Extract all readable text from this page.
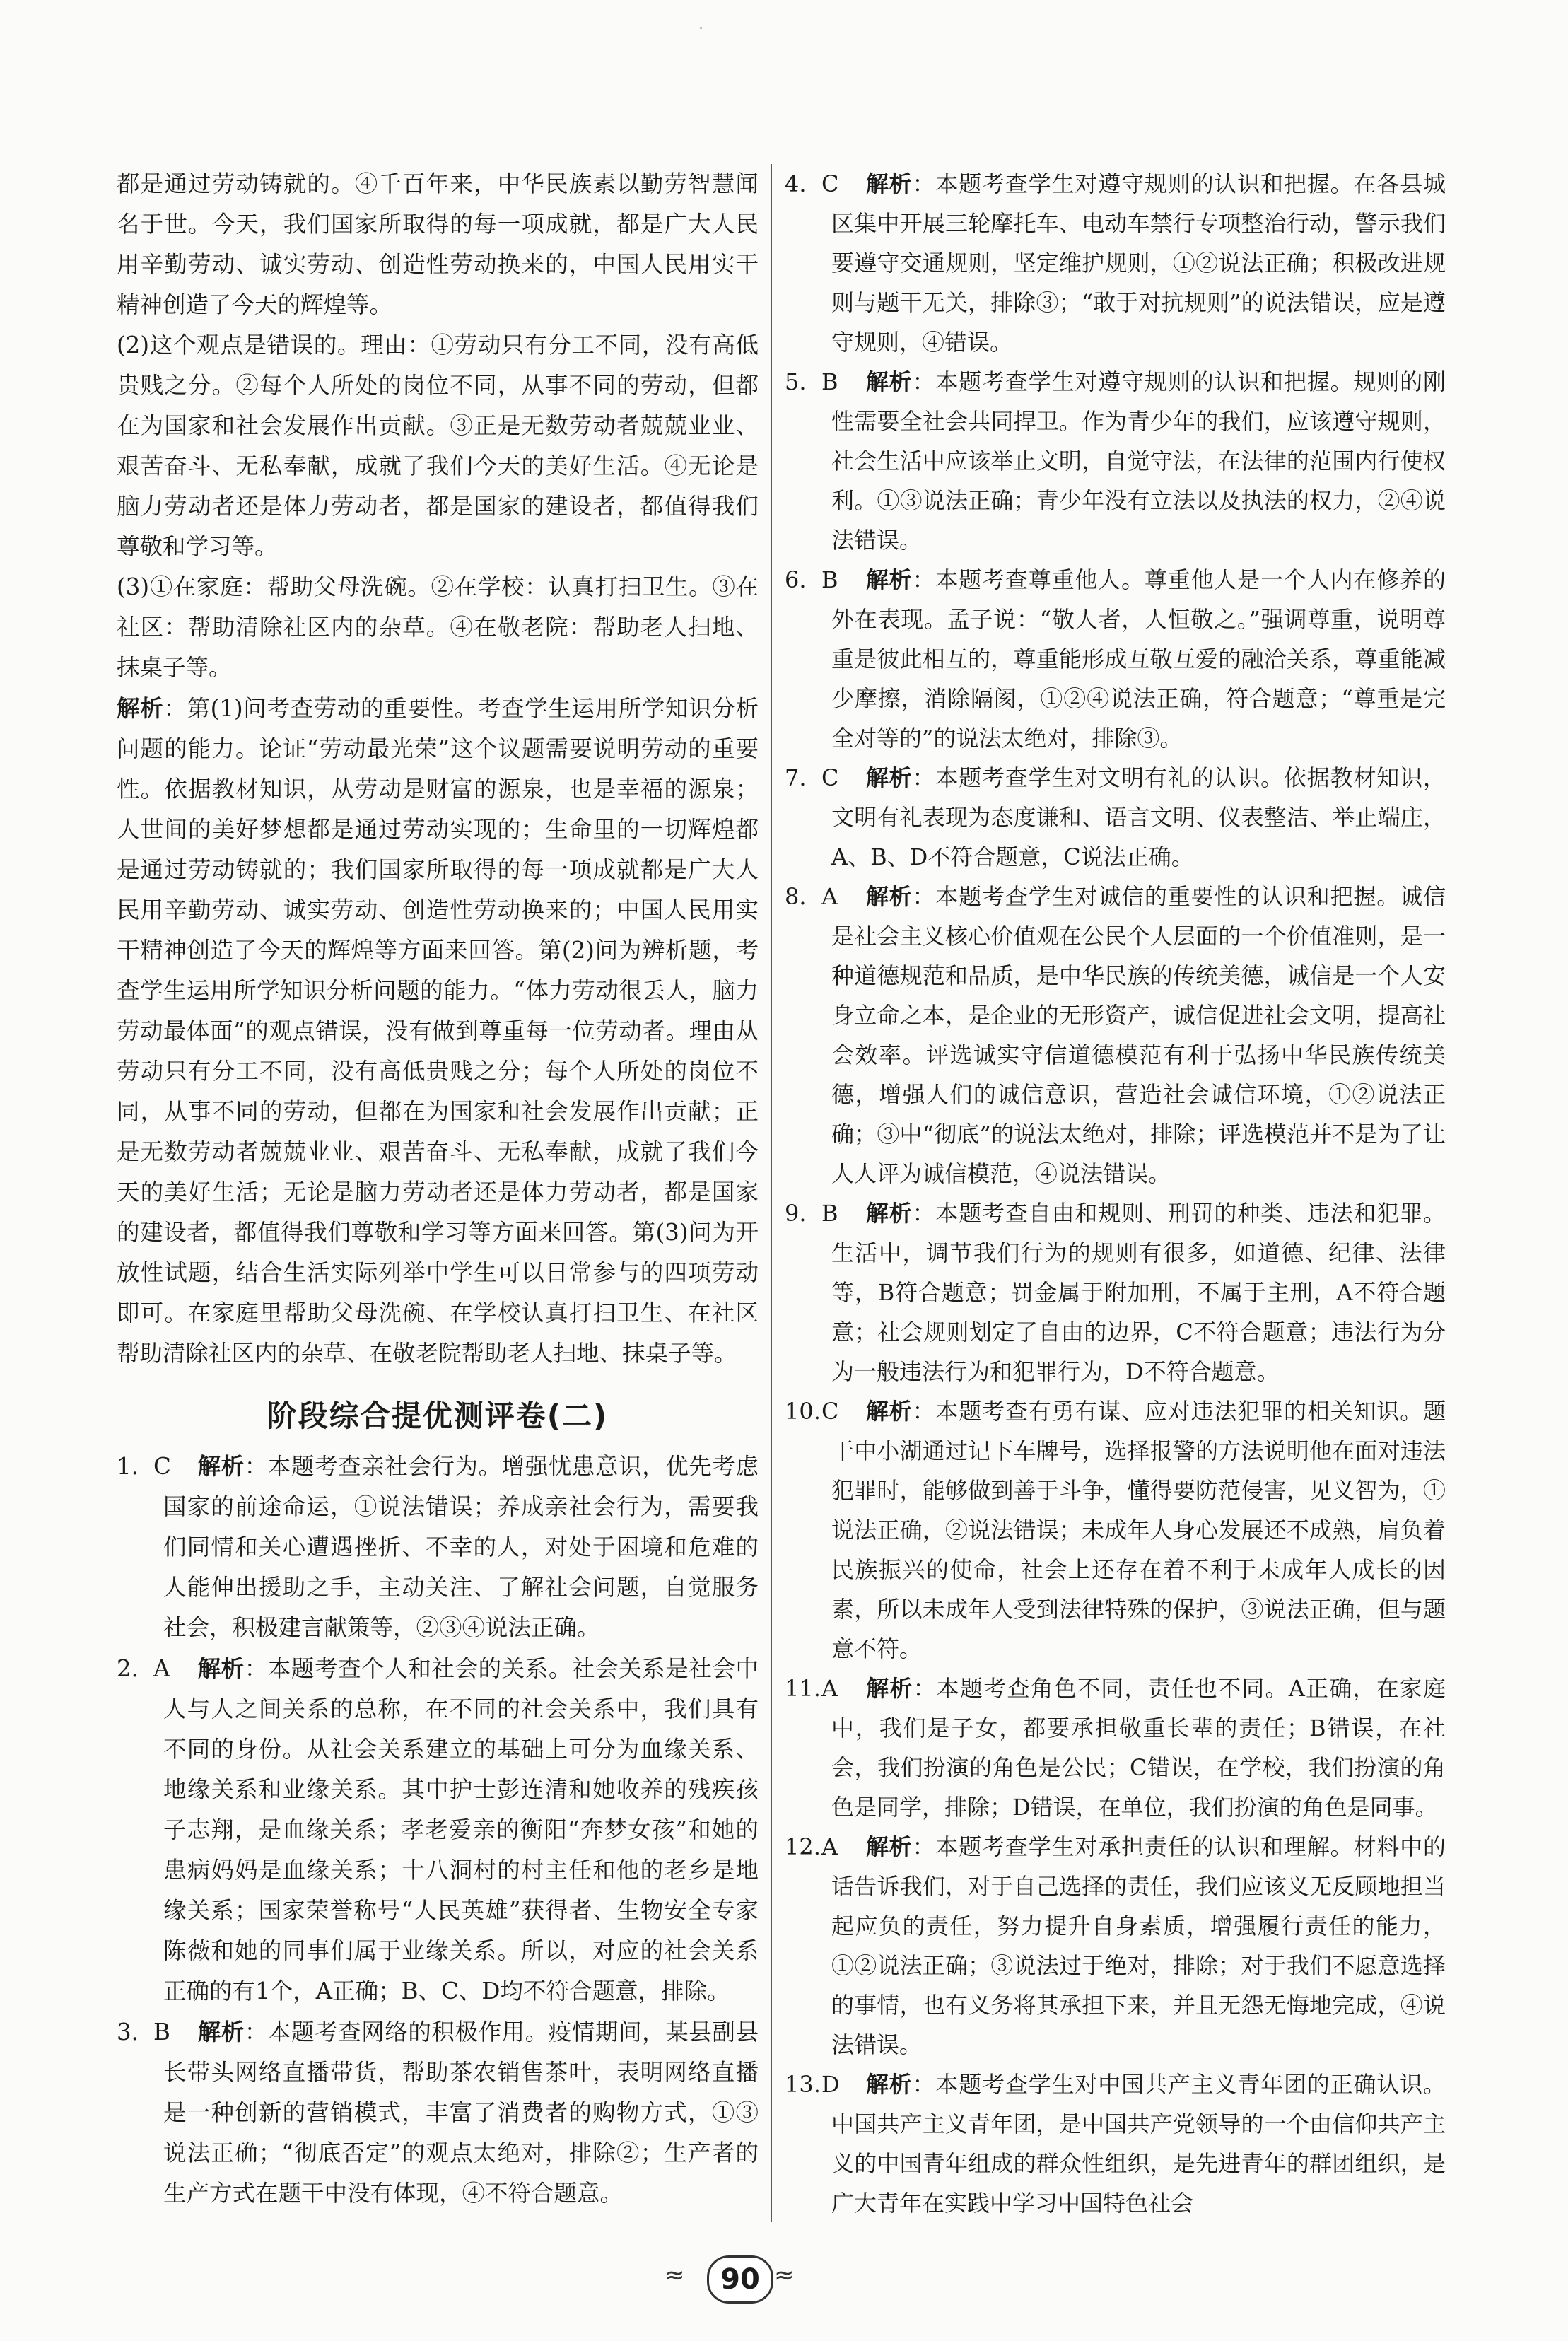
都是通过劳动铸就的。④千百年来，中华民族素以勤劳智慧闻名于世。今天，我们国家所取得的每一项成就，都是广大人民用辛勤劳动、诚实劳动、创造性劳动换来的，中国人民用实干精神创造了今天的辉煌等。

(2)这个观点是错误的。理由：①劳动只有分工不同，没有高低贵贱之分。②每个人所处的岗位不同，从事不同的劳动，但都在为国家和社会发展作出贡献。③正是无数劳动者兢兢业业、艰苦奋斗、无私奉献，成就了我们今天的美好生活。④无论是脑力劳动者还是体力劳动者，都是国家的建设者，都值得我们尊敬和学习等。

(3)①在家庭：帮助父母洗碗。②在学校：认真打扫卫生。③在社区：帮助清除社区内的杂草。④在敬老院：帮助老人扫地、抹桌子等。

解析：第(1)问考查劳动的重要性。考查学生运用所学知识分析问题的能力。论证“劳动最光荣”这个议题需要说明劳动的重要性。依据教材知识，从劳动是财富的源泉，也是幸福的源泉；人世间的美好梦想都是通过劳动实现的；生命里的一切辉煌都是通过劳动铸就的；我们国家所取得的每一项成就都是广大人民用辛勤劳动、诚实劳动、创造性劳动换来的；中国人民用实干精神创造了今天的辉煌等方面来回答。第(2)问为辨析题，考查学生运用所学知识分析问题的能力。“体力劳动很丢人，脑力劳动最体面”的观点错误，没有做到尊重每一位劳动者。理由从劳动只有分工不同，没有高低贵贱之分；每个人所处的岗位不同，从事不同的劳动，但都在为国家和社会发展作出贡献；正是无数劳动者兢兢业业、艰苦奋斗、无私奉献，成就了我们今天的美好生活；无论是脑力劳动者还是体力劳动者，都是国家的建设者，都值得我们尊敬和学习等方面来回答。第(3)问为开放性试题，结合生活实际列举中学生可以日常参与的四项劳动即可。在家庭里帮助父母洗碗、在学校认真打扫卫生、在社区帮助清除社区内的杂草、在敬老院帮助老人扫地、抹桌子等。

阶段综合提优测评卷(二)

1. C 解析：本题考查亲社会行为。增强忧患意识，优先考虑国家的前途命运，①说法错误；养成亲社会行为，需要我们同情和关心遭遇挫折、不幸的人，对处于困境和危难的人能伸出援助之手，主动关注、了解社会问题，自觉服务社会，积极建言献策等，②③④说法正确。

2. A 解析：本题考查个人和社会的关系。社会关系是社会中人与人之间关系的总称，在不同的社会关系中，我们具有不同的身份。从社会关系建立的基础上可分为血缘关系、地缘关系和业缘关系。其中护士彭连清和她收养的残疾孩子志翔，是血缘关系；孝老爱亲的衡阳“奔梦女孩”和她的患病妈妈是血缘关系；十八洞村的村主任和他的老乡是地缘关系；国家荣誉称号“人民英雄”获得者、生物安全专家陈薇和她的同事们属于业缘关系。所以，对应的社会关系正确的有1个，A正确；B、C、D均不符合题意，排除。

3. B 解析：本题考查网络的积极作用。疫情期间，某县副县长带头网络直播带货，帮助茶农销售茶叶，表明网络直播是一种创新的营销模式，丰富了消费者的购物方式，①③说法正确；“彻底否定”的观点太绝对，排除②；生产者的生产方式在题干中没有体现，④不符合题意。

4. C 解析：本题考查学生对遵守规则的认识和把握。在各县城区集中开展三轮摩托车、电动车禁行专项整治行动，警示我们要遵守交通规则，坚定维护规则，①②说法正确；积极改进规则与题干无关，排除③；“敢于对抗规则”的说法错误，应是遵守规则，④错误。

5. B 解析：本题考查学生对遵守规则的认识和把握。规则的刚性需要全社会共同捍卫。作为青少年的我们，应该遵守规则，社会生活中应该举止文明，自觉守法，在法律的范围内行使权利。①③说法正确；青少年没有立法以及执法的权力，②④说法错误。

6. B 解析：本题考查尊重他人。尊重他人是一个人内在修养的外在表现。孟子说：“敬人者，人恒敬之。”强调尊重，说明尊重是彼此相互的，尊重能形成互敬互爱的融洽关系，尊重能减少摩擦，消除隔阂，①②④说法正确，符合题意；“尊重是完全对等的”的说法太绝对，排除③。

7. C 解析：本题考查学生对文明有礼的认识。依据教材知识，文明有礼表现为态度谦和、语言文明、仪表整洁、举止端庄，A、B、D不符合题意，C说法正确。

8. A 解析：本题考查学生对诚信的重要性的认识和把握。诚信是社会主义核心价值观在公民个人层面的一个价值准则，是一种道德规范和品质，是中华民族的传统美德，诚信是一个人安身立命之本，是企业的无形资产，诚信促进社会文明，提高社会效率。评选诚实守信道德模范有利于弘扬中华民族传统美德，增强人们的诚信意识，营造社会诚信环境，①②说法正确；③中“彻底”的说法太绝对，排除；评选模范并不是为了让人人评为诚信模范，④说法错误。

9. B 解析：本题考查自由和规则、刑罚的种类、违法和犯罪。生活中，调节我们行为的规则有很多，如道德、纪律、法律等，B符合题意；罚金属于附加刑，不属于主刑，A不符合题意；社会规则划定了自由的边界，C不符合题意；违法行为分为一般违法行为和犯罪行为，D不符合题意。

10.C 解析：本题考查有勇有谋、应对违法犯罪的相关知识。题干中小湖通过记下车牌号，选择报警的方法说明他在面对违法犯罪时，能够做到善于斗争，懂得要防范侵害，见义智为，①说法正确，②说法错误；未成年人身心发展还不成熟，肩负着民族振兴的使命，社会上还存在着不利于未成年人成长的因素，所以未成年人受到法律特殊的保护，③说法正确，但与题意不符。

11.A 解析：本题考查角色不同，责任也不同。A正确，在家庭中，我们是子女，都要承担敬重长辈的责任；B错误，在社会，我们扮演的角色是公民；C错误，在学校，我们扮演的角色是同学，排除；D错误，在单位，我们扮演的角色是同事。

12.A 解析：本题考查学生对承担责任的认识和理解。材料中的话告诉我们，对于自己选择的责任，我们应该义无反顾地担当起应负的责任，努力提升自身素质，增强履行责任的能力，①②说法正确；③说法过于绝对，排除；对于我们不愿意选择的事情，也有义务将其承担下来，并且无怨无悔地完成，④说法错误。

13.D 解析：本题考查学生对中国共产主义青年团的正确认识。中国共产主义青年团，是中国共产党领导的一个由信仰共产主义的中国青年组成的群众性组织，是先进青年的群团组织，是广大青年在实践中学习中国特色社会

≈	90 ≈
